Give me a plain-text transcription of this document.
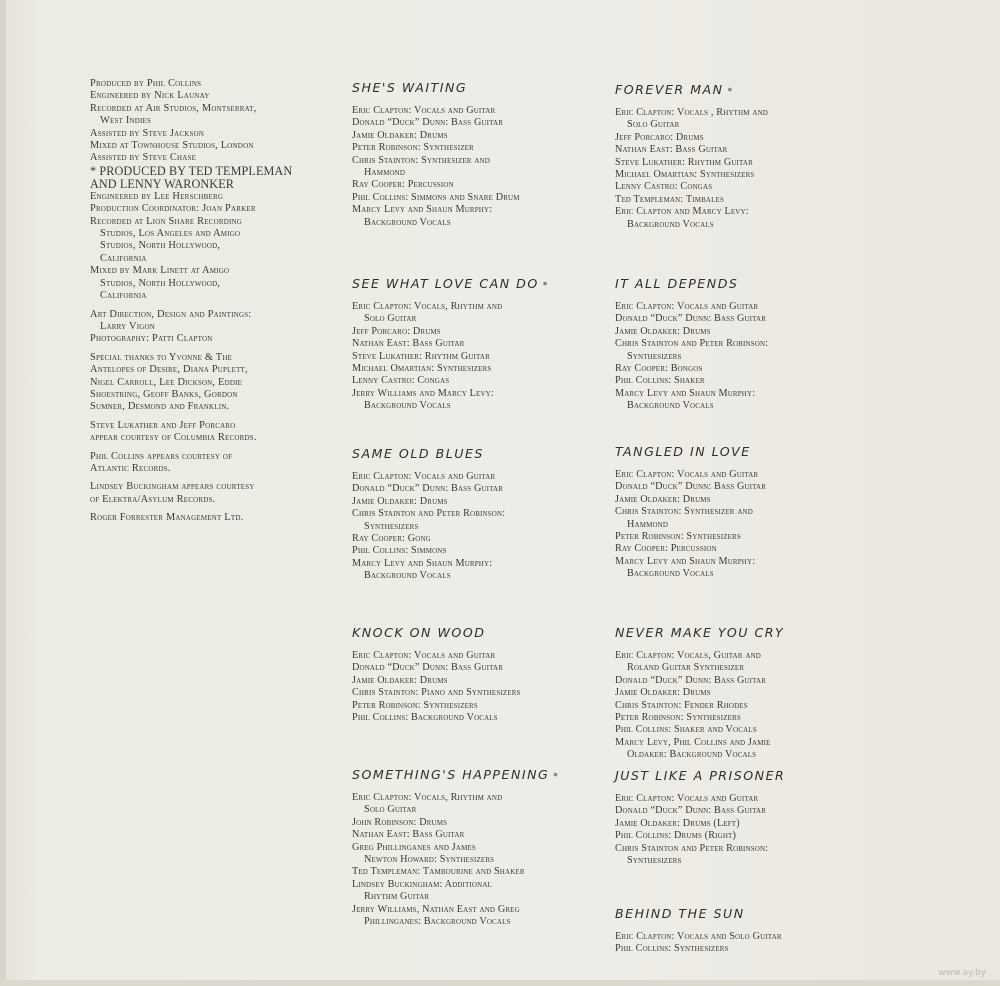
Produced by Phil Collins
Engineered by Nick Launay
Recorded at Air Studios, Montserrat,
West Indies
Assisted by Steve Jackson
Mixed at Townhouse Studios, London
Assisted by Steve Chase
* PRODUCED BY TED TEMPLEMAN
AND LENNY WARONKER
Engineered by Lee Herschberg
Production Coordinator: Joan Parker
Recorded at Lion Share Recording
Studios, Los Angeles and Amigo
Studios, North Hollywood,
California
Mixed by Mark Linett at Amigo
Studios, North Hollywood,
California
Art Direction, Design and Paintings:
Larry Vigon
Photography: Patti Clapton
Special thanks to Yvonne & The
Antelopes of Desire, Diana Puplett,
Nigel Carroll, Lee Dickson, Eddie
Shoestring, Geoff Banks, Gordon
Sumner, Desmond and Franklin.
Steve Lukather and Jeff Porcaro
appear courtesy of Columbia Records.
Phil Collins appears courtesy of
Atlantic Records.
Lindsey Buckingham appears courtesy
of Elektra/Asylum Records.
Roger Forrester Management Ltd.
SHE'S WAITING
Eric Clapton: Vocals and Guitar
Donald “Duck” Dunn: Bass Guitar
Jamie Oldaker: Drums
Peter Robinson: Synthesizer
Chris Stainton: Synthesizer and
Hammond
Ray Cooper: Percussion
Phil Collins: Simmons and Snare Drum
Marcy Levy and Shaun Murphy:
Background Vocals
SEE WHAT LOVE CAN DO *
Eric Clapton: Vocals, Rhythm and
Solo Guitar
Jeff Porcaro: Drums
Nathan East: Bass Guitar
Steve Lukather: Rhythm Guitar
Michael Omartian: Synthesizers
Lenny Castro: Congas
Jerry Williams and Marcy Levy:
Background Vocals
SAME OLD BLUES
Eric Clapton: Vocals and Guitar
Donald “Duck” Dunn: Bass Guitar
Jamie Oldaker: Drums
Chris Stainton and Peter Robinson:
Synthesizers
Ray Cooper: Gong
Phil Collins: Simmons
Marcy Levy and Shaun Murphy:
Background Vocals
KNOCK ON WOOD
Eric Clapton: Vocals and Guitar
Donald “Duck” Dunn: Bass Guitar
Jamie Oldaker: Drums
Chris Stainton: Piano and Synthesizers
Peter Robinson: Synthesizers
Phil Collins: Background Vocals
SOMETHING'S HAPPENING *
Eric Clapton: Vocals, Rhythm and
Solo Guitar
John Robinson: Drums
Nathan East: Bass Guitar
Greg Phillinganes and James
Newton Howard: Synthesizers
Ted Templeman: Tambourine and Shaker
Lindsey Buckingham: Additional
Rhythm Guitar
Jerry Williams, Nathan East and Greg
Phillinganes: Background Vocals
FOREVER MAN *
Eric Clapton: Vocals , Rhythm and
Solo Guitar
Jeff Porcaro: Drums
Nathan East: Bass Guitar
Steve Lukather: Rhythm Guitar
Michael Omartian: Synthesizers
Lenny Castro: Congas
Ted Templeman: Timbales
Eric Clapton and Marcy Levy:
Background Vocals
IT ALL DEPENDS
Eric Clapton: Vocals and Guitar
Donald “Duck” Dunn: Bass Guitar
Jamie Oldaker: Drums
Chris Stainton and Peter Robinson:
Synthesizers
Ray Cooper: Bongos
Phil Collins: Shaker
Marcy Levy and Shaun Murphy:
Background Vocals
TANGLED IN LOVE
Eric Clapton: Vocals and Guitar
Donald “Duck” Dunn: Bass Guitar
Jamie Oldaker: Drums
Chris Stainton: Synthesizer and
Hammond
Peter Robinson: Synthesizers
Ray Cooper: Percussion
Marcy Levy and Shaun Murphy:
Background Vocals
NEVER MAKE YOU CRY
Eric Clapton: Vocals, Guitar and
Roland Guitar Synthesizer
Donald “Duck” Dunn: Bass Guitar
Jamie Oldaker: Drums
Chris Stainton: Fender Rhodes
Peter Robinson: Synthesizers
Phil Collins: Shaker and Vocals
Marcy Levy, Phil Collins and Jamie
Oldaker: Background Vocals
JUST LIKE A PRISONER
Eric Clapton: Vocals and Guitar
Donald “Duck” Dunn: Bass Guitar
Jamie Oldaker: Drums (Left)
Phil Collins: Drums (Right)
Chris Stainton and Peter Robinson:
Synthesizers
BEHIND THE SUN
Eric Clapton: Vocals and Solo Guitar
Phil Collins: Synthesizers
www.ay.by
